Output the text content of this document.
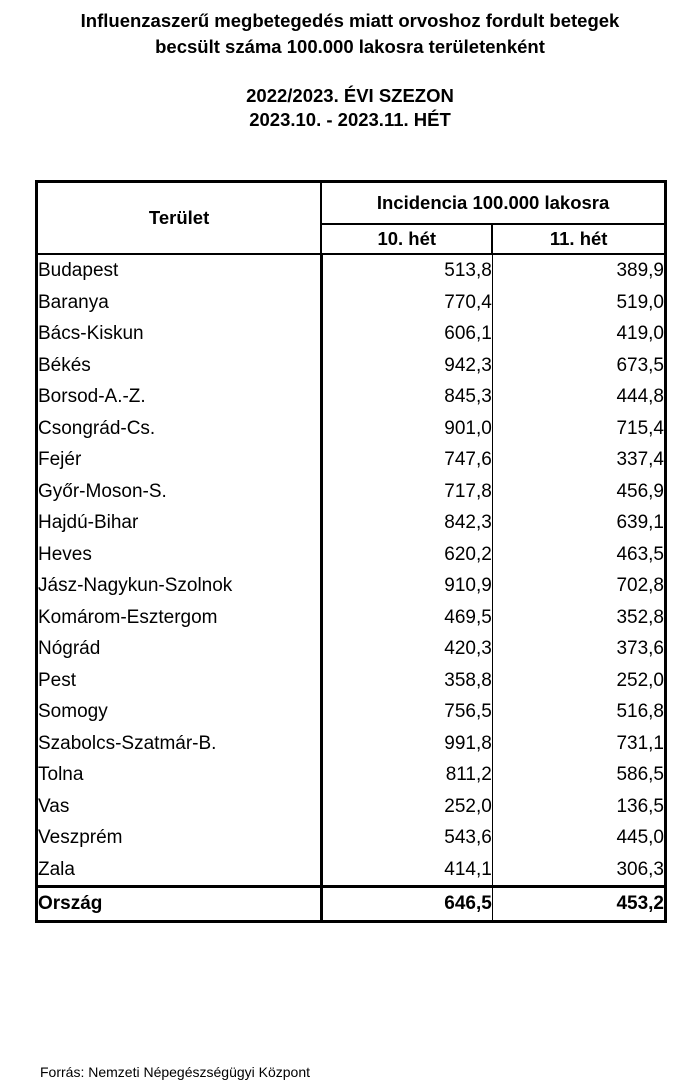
Influenzaszerű megbetegedés miatt orvoshoz fordult betegek
becsült száma 100.000 lakosra területenként
2022/2023. ÉVI SZEZON
2023.10. - 2023.11. HÉT
Terület	Incidencia 100.000 lakosra	
	10. hét	11. hét
Budapest	513,8	389,9
Baranya	770,4	519,0
Bács-Kiskun	606,1	419,0
Békés	942,3	673,5
Borsod-A.-Z.	845,3	444,8
Csongrád-Cs.	901,0	715,4
Fejér	747,6	337,4
Győr-Moson-S.	717,8	456,9
Hajdú-Bihar	842,3	639,1
Heves	620,2	463,5
Jász-Nagykun-Szolnok	910,9	702,8
Komárom-Esztergom	469,5	352,8
Nógrád	420,3	373,6
Pest	358,8	252,0
Somogy	756,5	516,8
Szabolcs-Szatmár-B.	991,8	731,1
Tolna	811,2	586,5
Vas	252,0	136,5
Veszprém	543,6	445,0
Zala	414,1	306,3
Ország	646,5	453,2
Forrás: Nemzeti Népegészségügyi Központ
